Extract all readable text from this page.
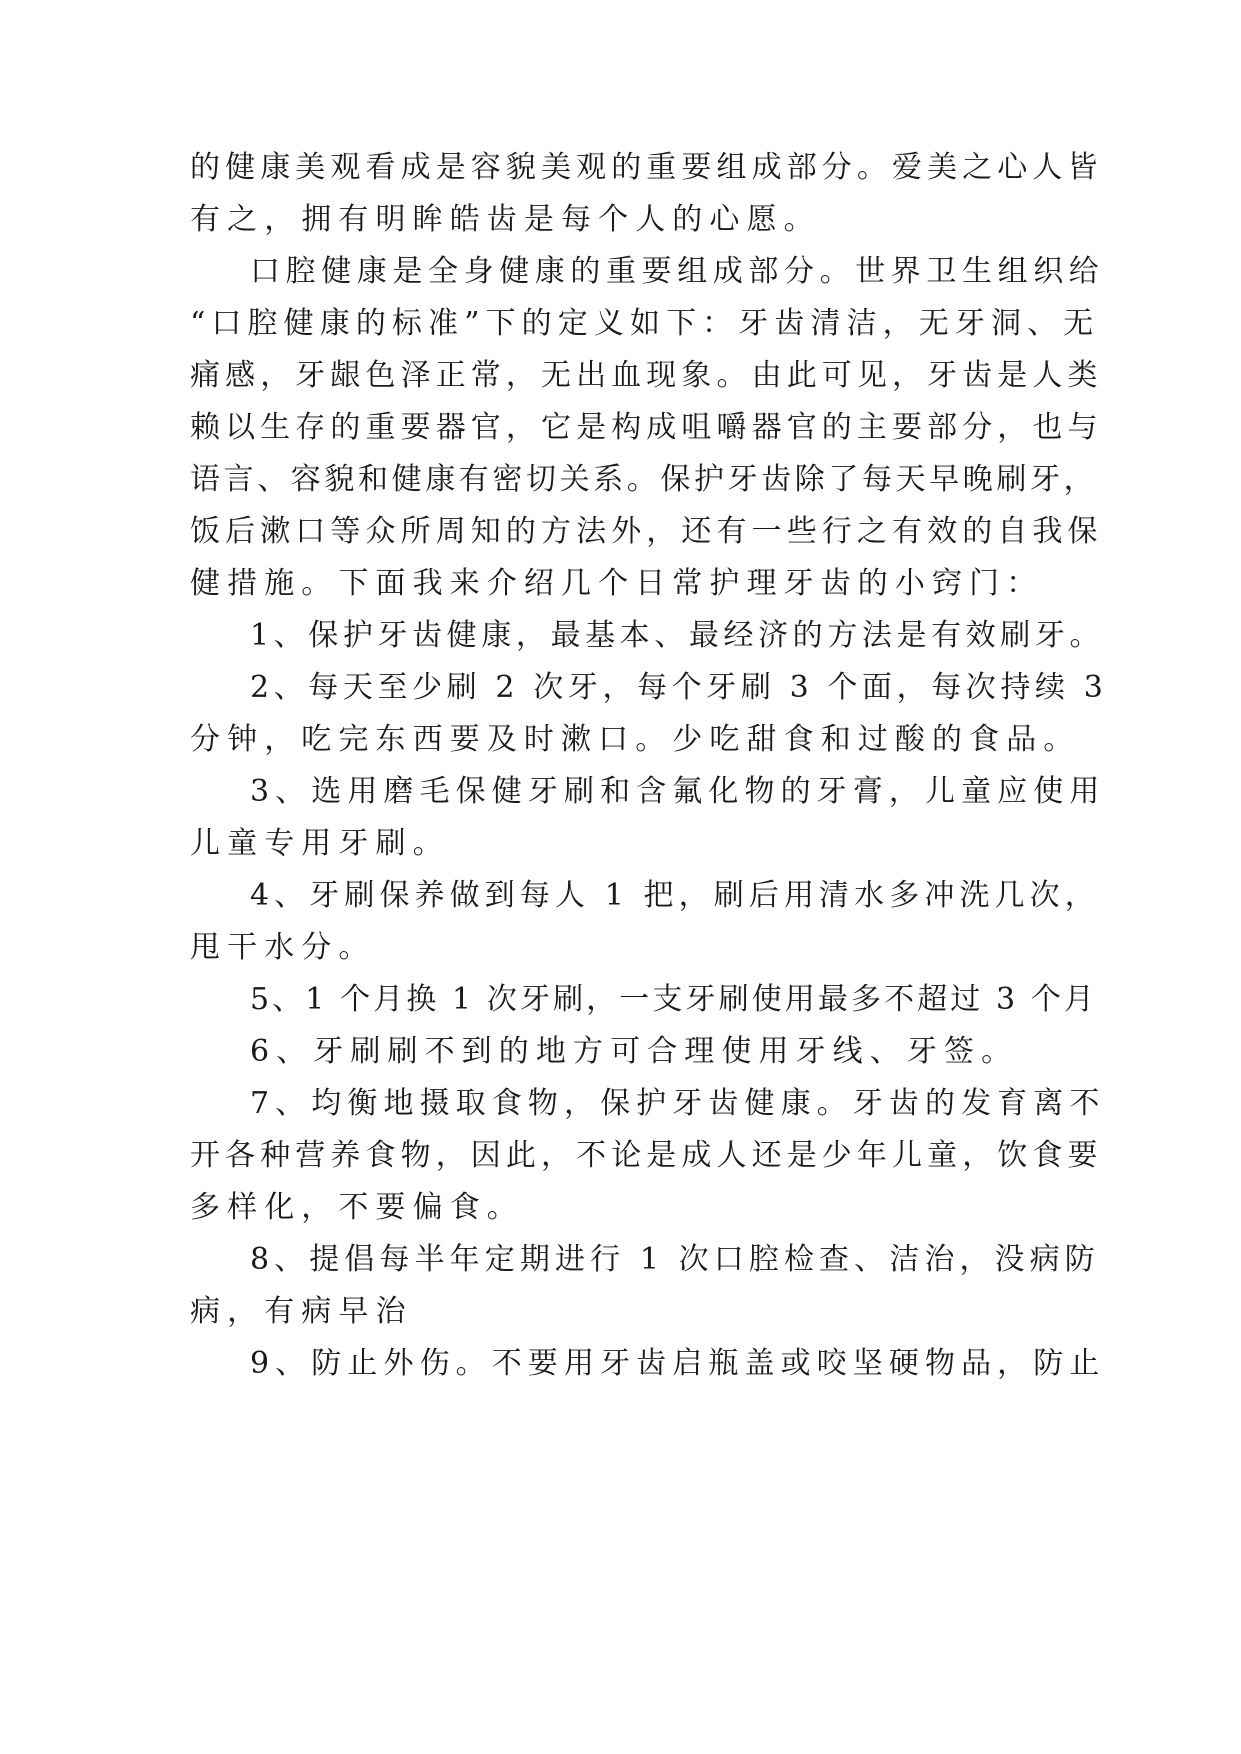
的健康美观看成是容貌美观的重要组成部分。爱美之心人皆
有之，拥有明眸皓齿是每个人的心愿。
口腔健康是全身健康的重要组成部分。世界卫生组织给
“口腔健康的标准”下的定义如下：牙齿清洁，无牙洞、无
痛感，牙龈色泽正常，无出血现象。由此可见，牙齿是人类
赖以生存的重要器官，它是构成咀嚼器官的主要部分，也与
语言、容貌和健康有密切关系。保护牙齿除了每天早晚刷牙，
饭后漱口等众所周知的方法外，还有一些行之有效的自我保
健措施。下面我来介绍几个日常护理牙齿的小窍门：
1、保护牙齿健康，最基本、最经济的方法是有效刷牙。
2、每天至少刷 2 次牙，每个牙刷 3 个面，每次持续 3
分钟，吃完东西要及时漱口。少吃甜食和过酸的食品。
3、选用磨毛保健牙刷和含氟化物的牙膏，儿童应使用
儿童专用牙刷。
4、牙刷保养做到每人 1 把，刷后用清水多冲洗几次，
甩干水分。
5、1 个月换 1 次牙刷，一支牙刷使用最多不超过 3 个月
6、牙刷刷不到的地方可合理使用牙线、牙签。
7、均衡地摄取食物，保护牙齿健康。牙齿的发育离不
开各种营养食物，因此，不论是成人还是少年儿童，饮食要
多样化，不要偏食。
8、提倡每半年定期进行 1 次口腔检查、洁治，没病防
病，有病早治
9、防止外伤。不要用牙齿启瓶盖或咬坚硬物品，防止
